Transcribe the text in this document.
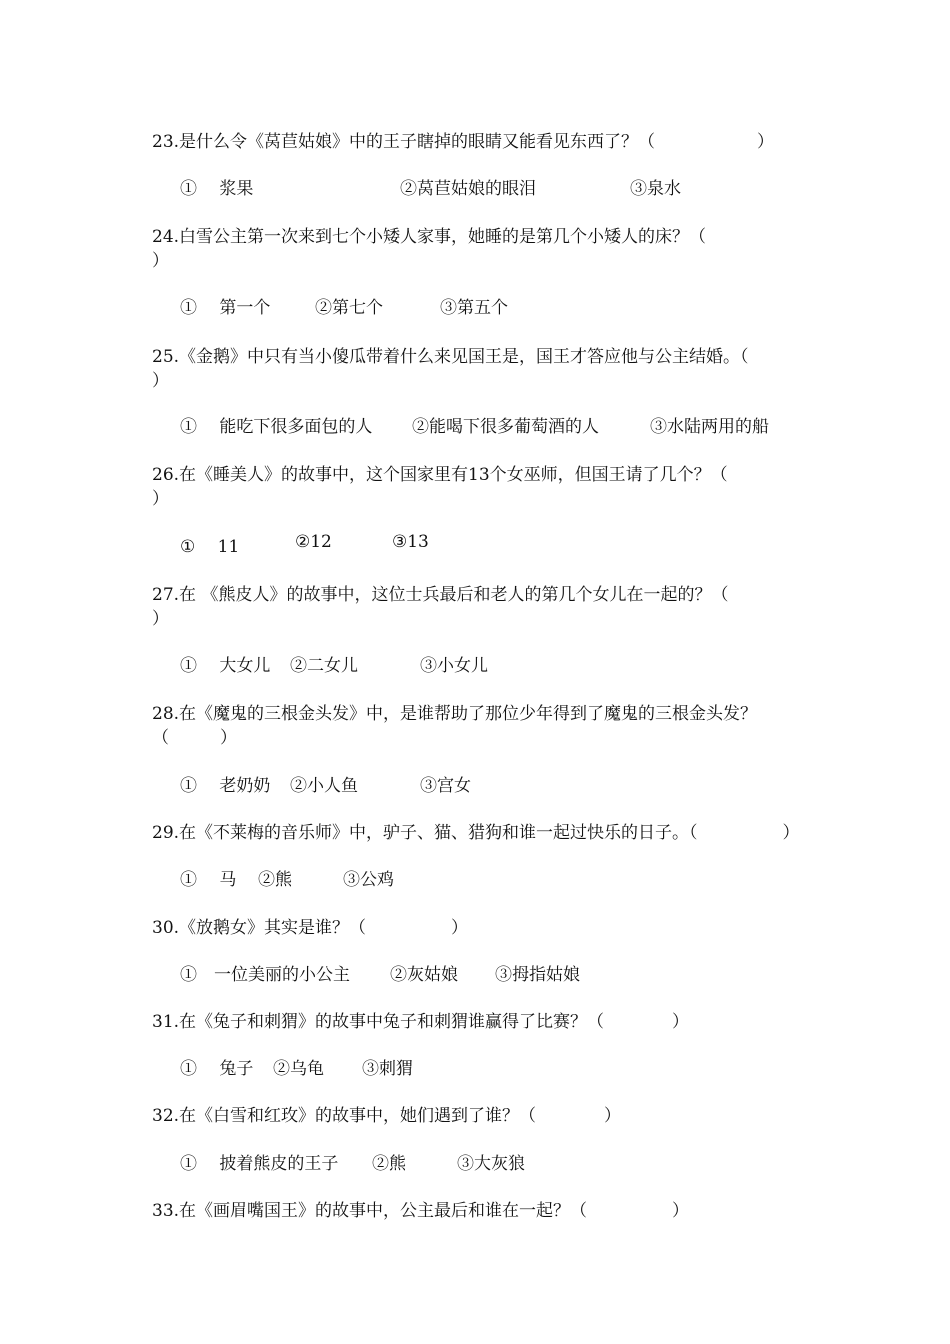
23.是什么令《莴苣姑娘》中的王子瞎掉的眼睛又能看见东西了？（　　　　　　）
①　 浆果	②莴苣姑娘的眼泪	③泉水
24.白雪公主第一次来到七个小矮人家事，她睡的是第几个小矮人的床？（
）
①　 第一个	②第七个	③第五个
25.《金鹅》中只有当小傻瓜带着什么来见国王是，国王才答应他与公主结婚。（
）
①　 能吃下很多面包的人 ②能喝下很多葡萄酒的人	③水陆两用的船
26.在《睡美人》的故事中，这个国家里有13个女巫师，但国王请了几个？（
）
①　 11	②12	③13
27.在 《熊皮人》的故事中，这位士兵最后和老人的第几个女儿在一起的？（
）
①　 大女儿 ②二女儿	③小女儿
28.在《魔鬼的三根金头发》中，是谁帮助了那位少年得到了魔鬼的三根金头发？
（　　　）
①　 老奶奶 ②小人鱼	③宫女
29.在《不莱梅的音乐师》中，驴子、猫、猎狗和谁一起过快乐的日子。（　　　　　）
①　 马 ②熊	③公鸡
30.《放鹅女》其实是谁？（　　　　　）
①　一位美丽的小公主 ②灰姑娘 ③拇指姑娘
31.在《兔子和刺猬》的故事中兔子和刺猬谁赢得了比赛？（　　　　）
①　 兔子 ②乌龟 ③刺猬
32.在《白雪和红玫》的故事中，她们遇到了谁？（　　　　）
①　 披着熊皮的王子 ②熊	③大灰狼
33.在《画眉嘴国王》的故事中，公主最后和谁在一起？（　　　　　）
